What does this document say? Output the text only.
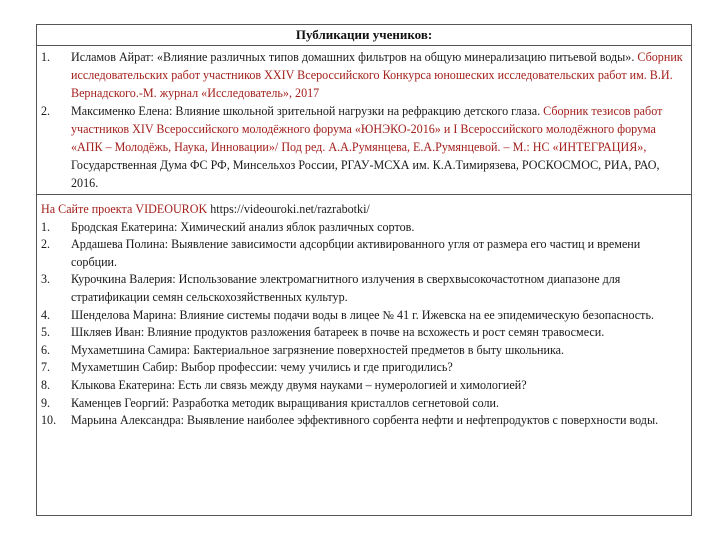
Публикации учеников:
1. Исламов Айрат: «Влияние различных типов домашних фильтров на общую минерализацию питьевой воды». Сборник исследовательских работ участников XXIV Всероссийского Конкурса юношеских исследовательских работ им. В.И. Вернадского.-М. журнал «Исследователь», 2017
2. Максименко Елена: Влияние школьной зрительной нагрузки на рефракцию детского глаза. Сборник тезисов работ участников XIV Всероссийского молодёжного форума «ЮНЭКО-2016» и I Всероссийского молодёжного форума «АПК – Молодёжь, Наука, Инновации»/ Под ред. А.А.Румянцева, Е.А.Румянцевой. – М.: НС «ИНТЕГРАЦИЯ», Государственная Дума ФС РФ, Минсельхоз России, РГАУ-МСХА им. К.А.Тимирязева, РОСКОСМОС, РИА, РАО, 2016.
На Сайте проекта VIDEOUROK https://videouroki.net/razrabotki/
1. Бродская Екатерина: Химический анализ яблок различных сортов.
2. Ардашева Полина: Выявление зависимости адсорбции активированного угля от размера его частиц и времени сорбции.
3. Курочкина Валерия: Использование электромагнитного излучения в сверхвысокочастотном диапазоне для стратификации семян сельскохозяйственных культур.
4. Шенделова Марина: Влияние системы подачи воды в лицее № 41 г. Ижевска на ее эпидемическую безопасность.
5. Шкляев Иван: Влияние продуктов разложения батареек в почве на всхожесть и рост семян травосмеси.
6. Мухаметшина Самира: Бактериальное загрязнение поверхностей предметов в быту школьника.
7. Мухаметшин Сабир: Выбор профессии: чему учились и где пригодились?
8. Клыкова Екатерина: Есть ли связь между двумя науками – нумерологией и химологией?
9. Каменцев Георгий: Разработка методик выращивания кристаллов сегнетовой соли.
10. Марьина Александра: Выявление наиболее эффективного сорбента нефти и нефтепродуктов с поверхности воды.
